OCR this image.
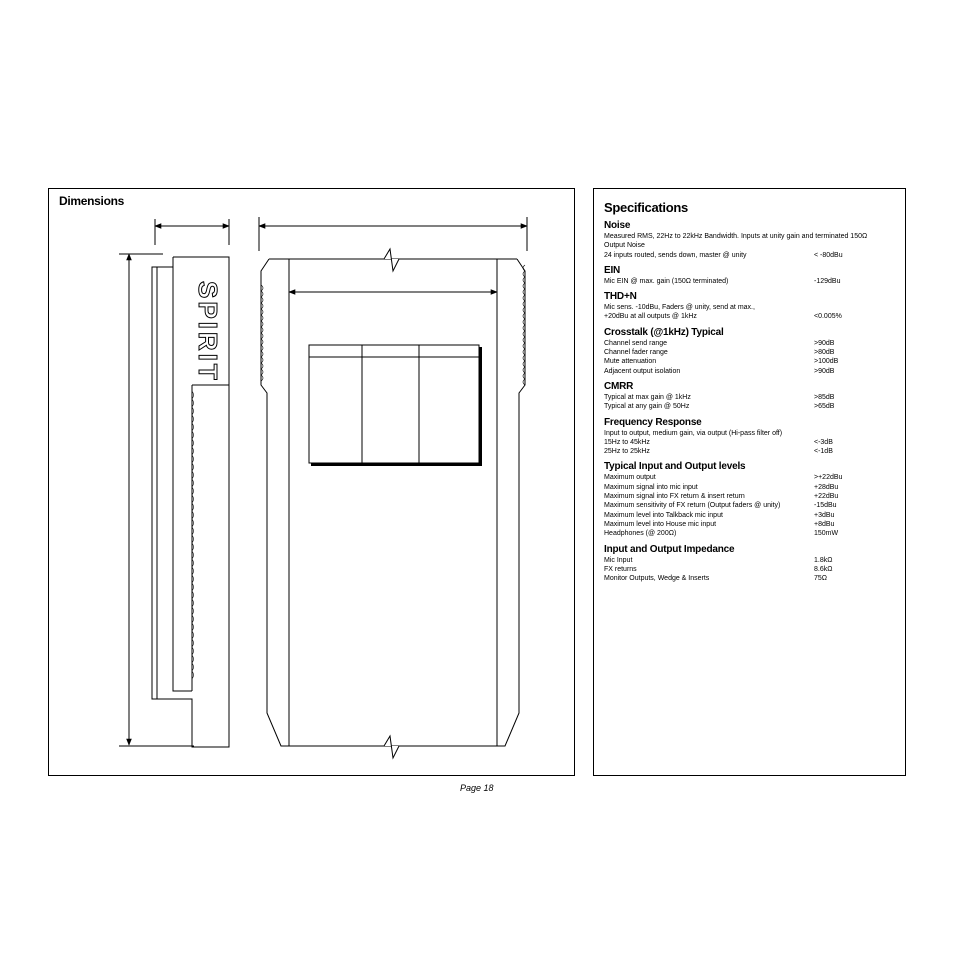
Dimensions
SPIRIT
Specifications
Noise
Measured RMS, 22Hz to 22kHz Bandwidth. Inputs at unity gain and terminated 150Ω
Output Noise
24 inputs routed, sends down, master @ unity	< -80dBu
EIN
Mic EIN @ max. gain (150Ω terminated)	-129dBu
THD+N
Mic sens. -10dBu, Faders @ unity, send at max.,
+20dBu at all outputs @ 1kHz	<0.005%
Crosstalk (@1kHz) Typical
Channel send range	>90dB
Channel fader range	>80dB
Mute attenuation	>100dB
Adjacent output isolation	>90dB
CMRR
Typical at max gain @ 1kHz	>85dB
Typical at any gain @ 50Hz	>65dB
Frequency Response
Input to output, medium gain, via output (Hi-pass filter off)
15Hz to 45kHz	<-3dB
25Hz to 25kHz	<-1dB
Typical Input and Output levels
Maximum output	>+22dBu
Maximum signal into mic input	+28dBu
Maximum signal into FX return & insert return	+22dBu
Maximum sensitivity of FX return (Output faders @ unity)	-15dBu
Maximum level into Talkback mic input	+3dBu
Maximum level into House mic input	+8dBu
Headphones (@ 200Ω)	150mW
Input and Output Impedance
Mic Input	1.8kΩ
FX returns	8.6kΩ
Monitor Outputs, Wedge & Inserts	75Ω
Page 18
